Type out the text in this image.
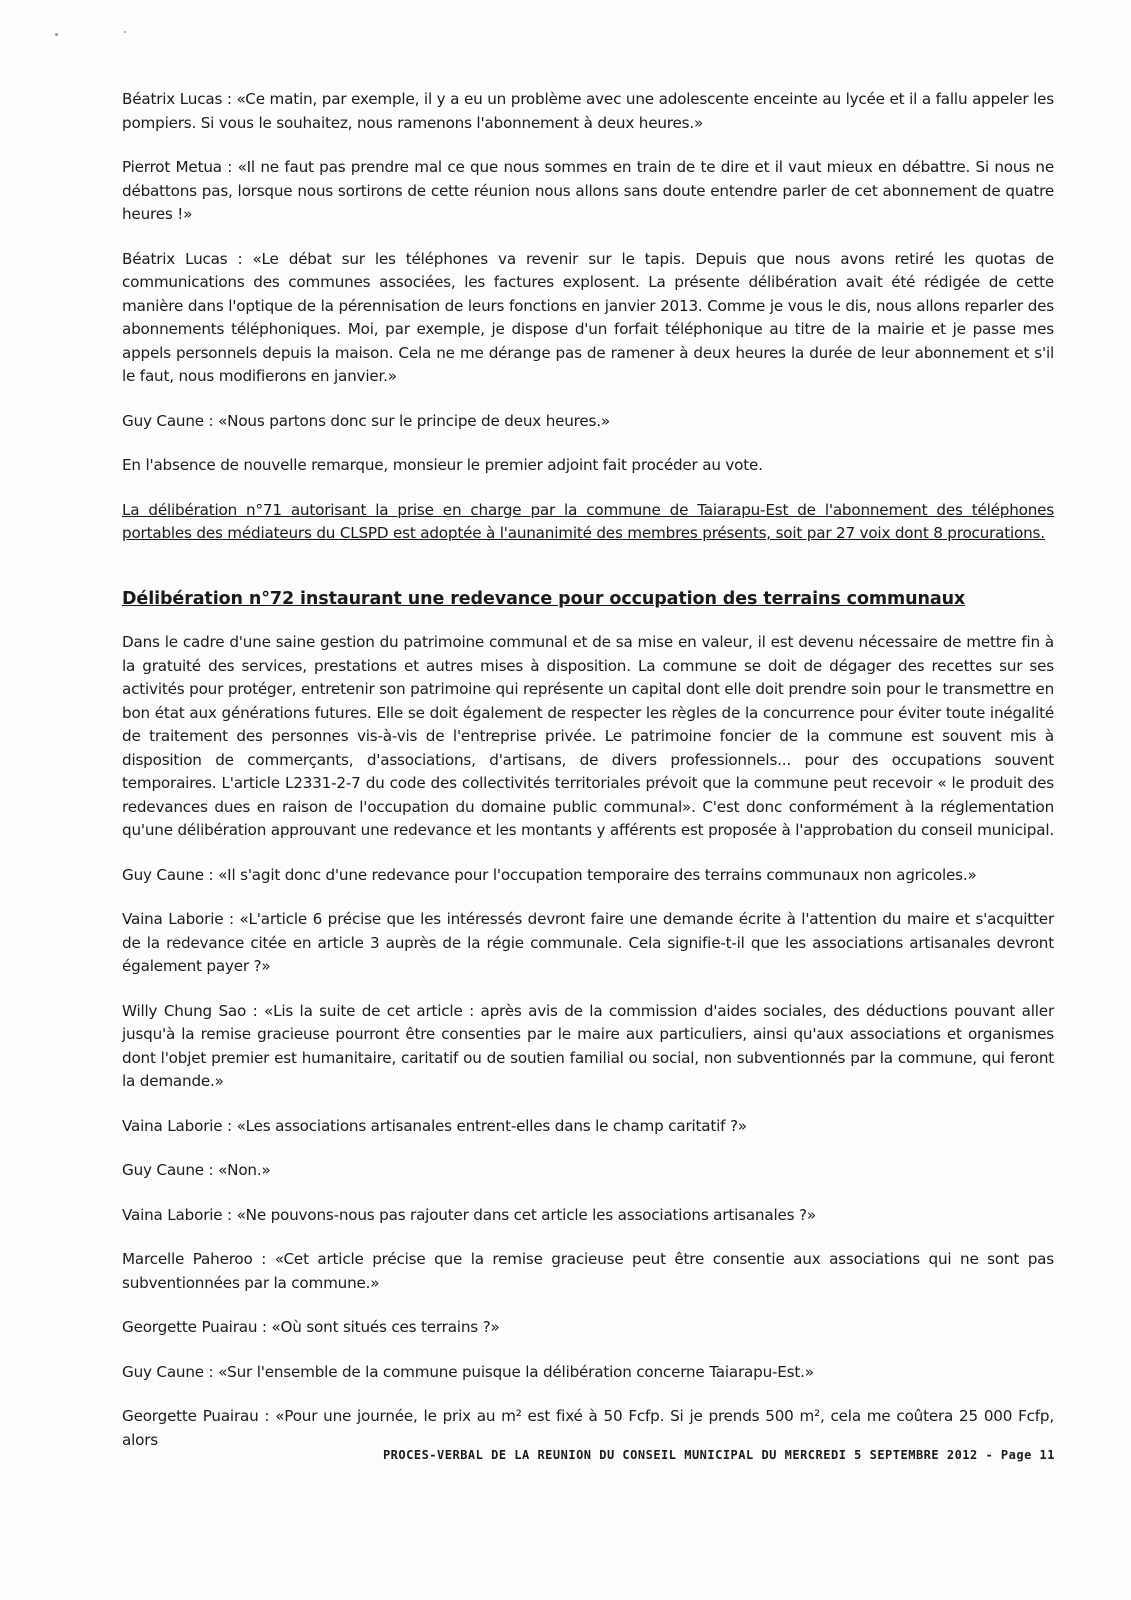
Béatrix Lucas : «Ce matin, par exemple, il y a eu un problème avec une adolescente enceinte au lycée et il a fallu appeler les pompiers. Si vous le souhaitez, nous ramenons l'abonnement à deux heures.»

Pierrot Metua : «Il ne faut pas prendre mal ce que nous sommes en train de te dire et il vaut mieux en débattre. Si nous ne débattons pas, lorsque nous sortirons de cette réunion nous allons sans doute entendre parler de cet abonnement de quatre heures !»

Béatrix Lucas : «Le débat sur les téléphones va revenir sur le tapis. Depuis que nous avons retiré les quotas de communications des communes associées, les factures explosent. La présente délibération avait été rédigée de cette manière dans l'optique de la pérennisation de leurs fonctions en janvier 2013. Comme je vous le dis, nous allons reparler des abonnements téléphoniques. Moi, par exemple, je dispose d'un forfait téléphonique au titre de la mairie et je passe mes appels personnels depuis la maison. Cela ne me dérange pas de ramener à deux heures la durée de leur abonnement et s'il le faut, nous modifierons en janvier.»

Guy Caune : «Nous partons donc sur le principe de deux heures.»

En l'absence de nouvelle remarque, monsieur le premier adjoint fait procéder au vote.

La délibération n°71 autorisant la prise en charge par la commune de Taiarapu-Est de l'abonnement des téléphones portables des médiateurs du CLSPD est adoptée à l'aunanimité des membres présents, soit par 27 voix dont 8 procurations.

Délibération n°72 instaurant une redevance pour occupation des terrains communaux

Dans le cadre d'une saine gestion du patrimoine communal et de sa mise en valeur, il est devenu nécessaire de mettre fin à la gratuité des services, prestations et autres mises à disposition. La commune se doit de dégager des recettes sur ses activités pour protéger, entretenir son patrimoine qui représente un capital dont elle doit prendre soin pour le transmettre en bon état aux générations futures. Elle se doit également de respecter les règles de la concurrence pour éviter toute inégalité de traitement des personnes vis-à-vis de l'entreprise privée. Le patrimoine foncier de la commune est souvent mis à disposition de commerçants, d'associations, d'artisans, de divers professionnels... pour des occupations souvent temporaires. L'article L2331-2-7 du code des collectivités territoriales prévoit que la commune peut recevoir « le produit des redevances dues en raison de l'occupation du domaine public communal». C'est donc conformément à la réglementation qu'une délibération approuvant une redevance et les montants y afférents est proposée à l'approbation du conseil municipal.

Guy Caune : «Il s'agit donc d'une redevance pour l'occupation temporaire des terrains communaux non agricoles.»

Vaina Laborie : «L'article 6 précise que les intéressés devront faire une demande écrite à l'attention du maire et s'acquitter de la redevance citée en article 3 auprès de la régie communale. Cela signifie-t-il que les associations artisanales devront également payer ?»

Willy Chung Sao : «Lis la suite de cet article : après avis de la commission d'aides sociales, des déductions pouvant aller jusqu'à la remise gracieuse pourront être consenties par le maire aux particuliers, ainsi qu'aux associations et organismes dont l'objet premier est humanitaire, caritatif ou de soutien familial ou social, non subventionnés par la commune, qui feront la demande.»

Vaina Laborie : «Les associations artisanales entrent-elles dans le champ caritatif ?»

Guy Caune : «Non.»

Vaina Laborie : «Ne pouvons-nous pas rajouter dans cet article les associations artisanales ?»

Marcelle Paheroo : «Cet article précise que la remise gracieuse peut être consentie aux associations qui ne sont pas subventionnées par la commune.»

Georgette Puairau : «Où sont situés ces terrains ?»

Guy Caune : «Sur l'ensemble de la commune puisque la délibération concerne Taiarapu-Est.»

Georgette Puairau : «Pour une journée, le prix au m² est fixé à 50 Fcfp. Si je prends 500 m², cela me coûtera 25 000 Fcfp, alors

PROCES-VERBAL DE LA REUNION DU CONSEIL MUNICIPAL DU MERCREDI 5 SEPTEMBRE 2012 - Page 11
